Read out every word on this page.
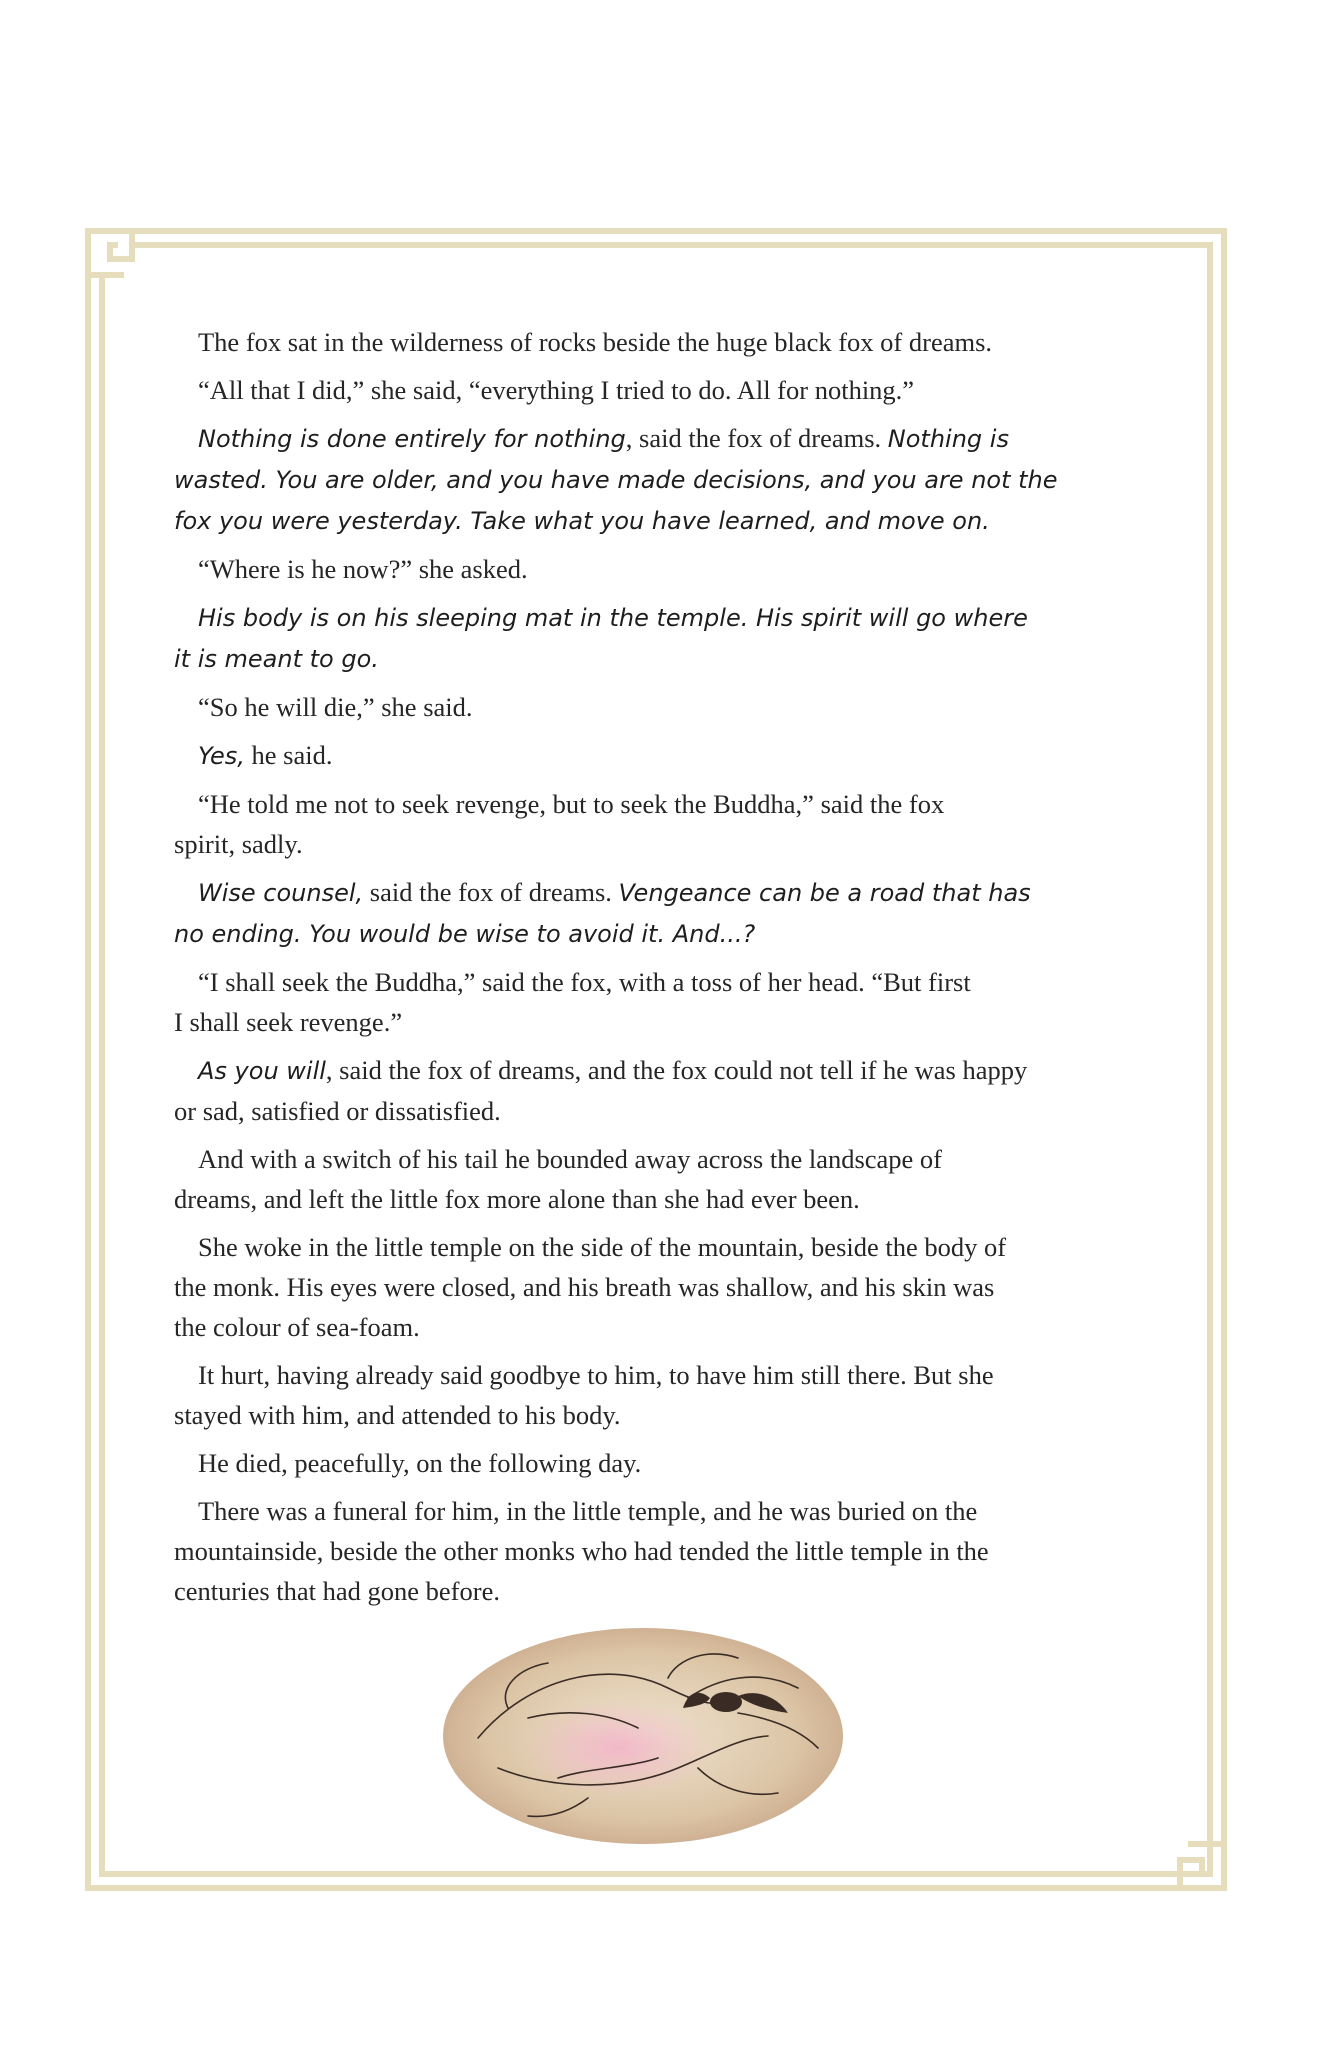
The fox sat in the wilderness of rocks beside the huge black fox of dreams.

“All that I did,” she said, “everything I tried to do. All for nothing.”

Nothing is done entirely for nothing, said the fox of dreams. Nothing is
wasted. You are older, and you have made decisions, and you are not the
fox you were yesterday. Take what you have learned, and move on.

“Where is he now?” she asked.

His body is on his sleeping mat in the temple. His spirit will go where
it is meant to go.

“So he will die,” she said.

Yes, he said.

“He told me not to seek revenge, but to seek the Buddha,” said the fox
spirit, sadly.

Wise counsel, said the fox of dreams. Vengeance can be a road that has
no ending. You would be wise to avoid it. And...?

“I shall seek the Buddha,” said the fox, with a toss of her head. “But first
I shall seek revenge.”

As you will, said the fox of dreams, and the fox could not tell if he was happy
or sad, satisfied or dissatisfied.

And with a switch of his tail he bounded away across the landscape of
dreams, and left the little fox more alone than she had ever been.

She woke in the little temple on the side of the mountain, beside the body of
the monk. His eyes were closed, and his breath was shallow, and his skin was
the colour of sea-foam.

It hurt, having already said goodbye to him, to have him still there. But she
stayed with him, and attended to his body.

He died, peacefully, on the following day.

There was a funeral for him, in the little temple, and he was buried on the
mountainside, beside the other monks who had tended the little temple in the
centuries that had gone before.
